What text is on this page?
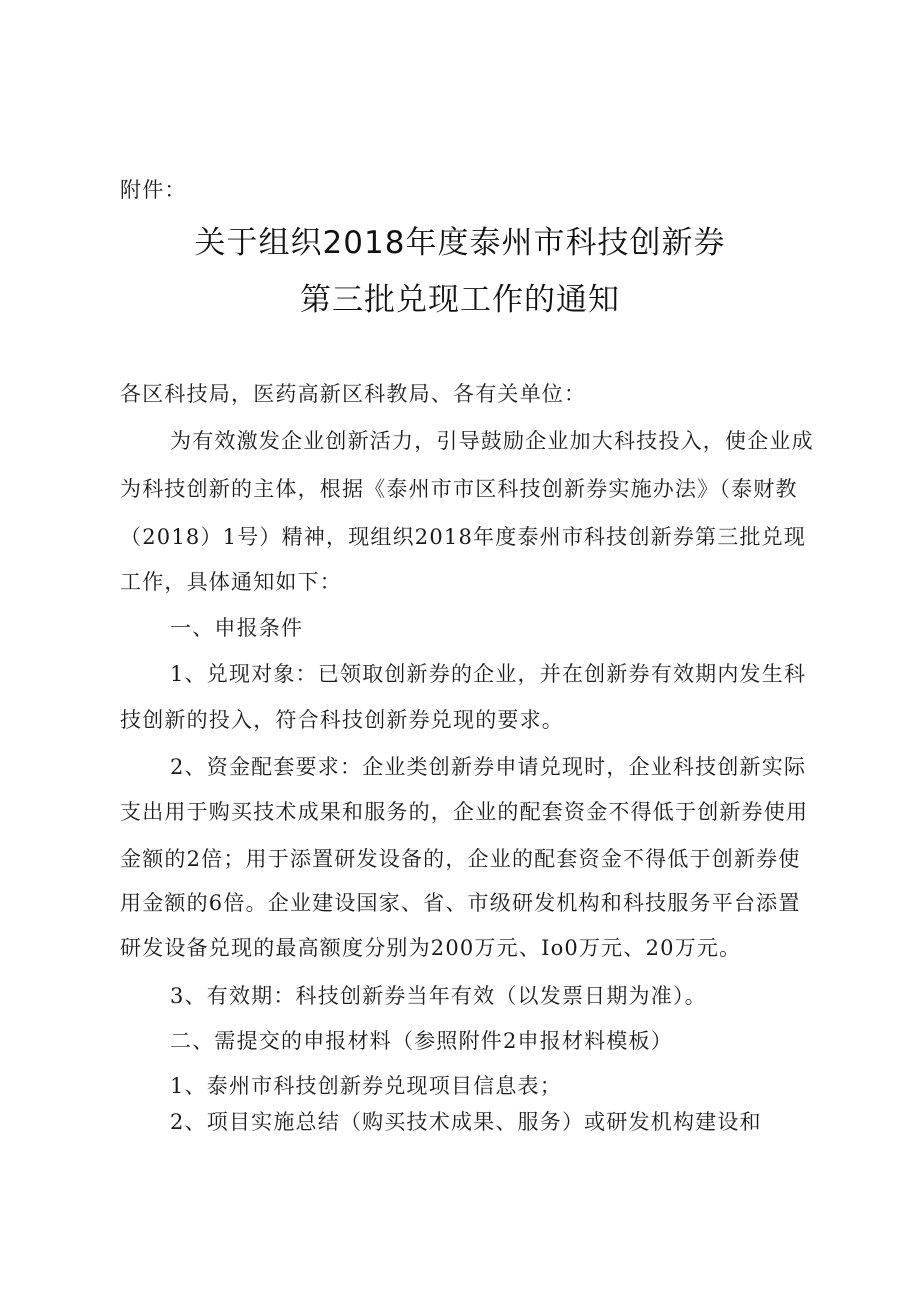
附件：
关于组织2018年度泰州市科技创新券
第三批兑现工作的通知
各区科技局，医药高新区科教局、各有关单位：
为有效激发企业创新活力，引导鼓励企业加大科技投入，使企业成
为科技创新的主体，根据《泰州市市区科技创新券实施办法》（泰财教
（2018）1号）精神，现组织2018年度泰州市科技创新券第三批兑现
工作，具体通知如下：
一、申报条件
1、兑现对象：已领取创新券的企业，并在创新券有效期内发生科
技创新的投入，符合科技创新券兑现的要求。
2、资金配套要求：企业类创新券申请兑现时，企业科技创新实际
支出用于购买技术成果和服务的，企业的配套资金不得低于创新券使用
金额的2倍；用于添置研发设备的，企业的配套资金不得低于创新券使
用金额的6倍。企业建设国家、省、市级研发机构和科技服务平台添置
研发设备兑现的最高额度分别为200万元、Io0万元、20万元。
3、有效期：科技创新券当年有效（以发票日期为准）。
二、需提交的申报材料（参照附件2申报材料模板）
1、泰州市科技创新券兑现项目信息表；
2、项目实施总结（购买技术成果、服务）或研发机构建设和
